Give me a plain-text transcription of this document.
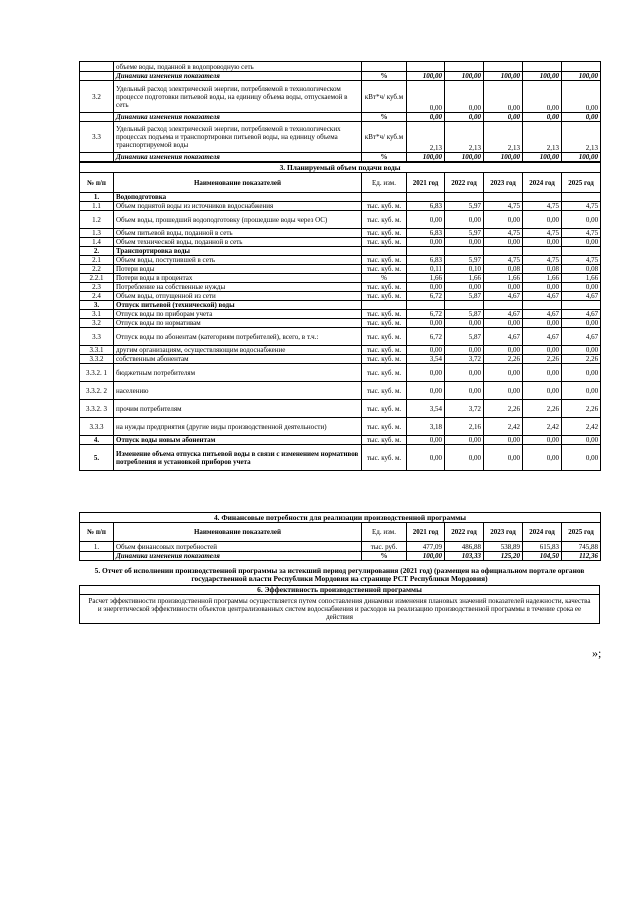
	объеме воды, поданной в водопроводную сеть						
	Динамика изменения показателя	%	100,00	100,00	100,00	100,00	100,00
3.2	Удельный расход электрической энергии, потребляемой в технологическом процессе подготовки питьевой воды, на единицу объема воды, отпускаемой в сеть	кВт*ч/ куб.м	0,00	0,00	0,00	0,00	0,00
	Динамика изменения показателя	%	0,00	0,00	0,00	0,00	0,00
3.3	Удельный расход электрической энергии, потребляемой в технологических процессах подъема и транспортировки питьевой воды, на единицу объема транспортируемой воды	кВт*ч/ куб.м	2,13	2,13	2,13	2,13	2,13
	Динамика изменения показателя	%	100,00	100,00	100,00	100,00	100,00
3. Планируемый объем подачи воды							
№ п/п	Наименование показателей	Ед. изм.	2021 год	2022 год	2023 год	2024 год	2025 год
1.	Водоподготовка						
1.1	Объем поднятой воды из источников водоснабжения	тыс. куб. м.	6,83	5,97	4,75	4,75	4,75
1.2	Объем воды, прошедший водоподготовку (прошедшие воды через ОС)	тыс. куб. м.	0,00	0,00	0,00	0,00	0,00
1.3	Объем питьевой воды, поданной в сеть	тыс. куб. м.	6,83	5,97	4,75	4,75	4,75
1.4	Объем технической воды, поданной в сеть	тыс. куб. м.	0,00	0,00	0,00	0,00	0,00
2.	Транспортировка воды						
2.1	Объем воды, поступившей в сеть	тыс. куб. м.	6,83	5,97	4,75	4,75	4,75
2.2	Потери воды	тыс. куб. м.	0,11	0,10	0,08	0,08	0,08
2.2.1	Потери воды в процентах	%	1,66	1,66	1,66	1,66	1,66
2.3	Потребление на собственные нужды	тыс. куб. м.	0,00	0,00	0,00	0,00	0,00
2.4	Объем воды, отпущенной из сети	тыс. куб. м.	6,72	5,87	4,67	4,67	4,67
3.	Отпуск питьевой (технической) воды						
3.1	Отпуск воды по приборам учета	тыс. куб. м.	6,72	5,87	4,67	4,67	4,67
3.2	Отпуск воды по нормативам	тыс. куб. м.	0,00	0,00	0,00	0,00	0,00
3.3	Отпуск воды по абонентам (категориям потребителей), всего, в т.ч.:	тыс. куб. м.	6,72	5,87	4,67	4,67	4,67
3.3.1	другим организациям, осуществляющим водоснабжение	тыс. куб. м.	0,00	0,00	0,00	0,00	0,00
3.3.2	собственным абонентам	тыс. куб. м.	3,54	3,72	2,26	2,26	2,26
3.3.2. 1	бюджетным потребителям	тыс. куб. м.	0,00	0,00	0,00	0,00	0,00
3.3.2. 2	населению	тыс. куб. м.	0,00	0,00	0,00	0,00	0,00
3.3.2. 3	прочим потребителям	тыс. куб. м.	3,54	3,72	2,26	2,26	2,26
3.3.3	на нужды предприятия (другие виды производственной деятельности)	тыс. куб. м.	3,18	2,16	2,42	2,42	2,42
4.	Отпуск воды новым абонентам	тыс. куб. м.	0,00	0,00	0,00	0,00	0,00
5.	Изменение объема отпуска питьевой воды в связи с изменением нормативов потребления и установкой приборов учета	тыс. куб. м.	0,00	0,00	0,00	0,00	0,00
4. Финансовые потребности для реализации производственной программы							
№ п/п	Наименование показателей	Ед. изм.	2021 год	2022 год	2023 год	2024 год	2025 год
1.	Объем финансовых потребностей	тыс. руб.	477,09	486,88	538,89	615,83	745,88
	Динамика изменения показателя	%	100,00	103,33	125,20	104,50	112,36
5. Отчет об исполнении производственной программы за истекший период регулирования (2021 год) (размещен на официальном портале органов государственной власти Республики Мордовия на странице РСТ Республики Мордовия)
6. Эффективность производственной программы
Расчет эффективности производственной программы осуществляется путем сопоставления динамики изменения плановых значений показателей надежности, качества и энергетической эффективности объектов централизованных систем водоснабжения и расходов на реализацию производственной программы в течение срока ее действия
»;
